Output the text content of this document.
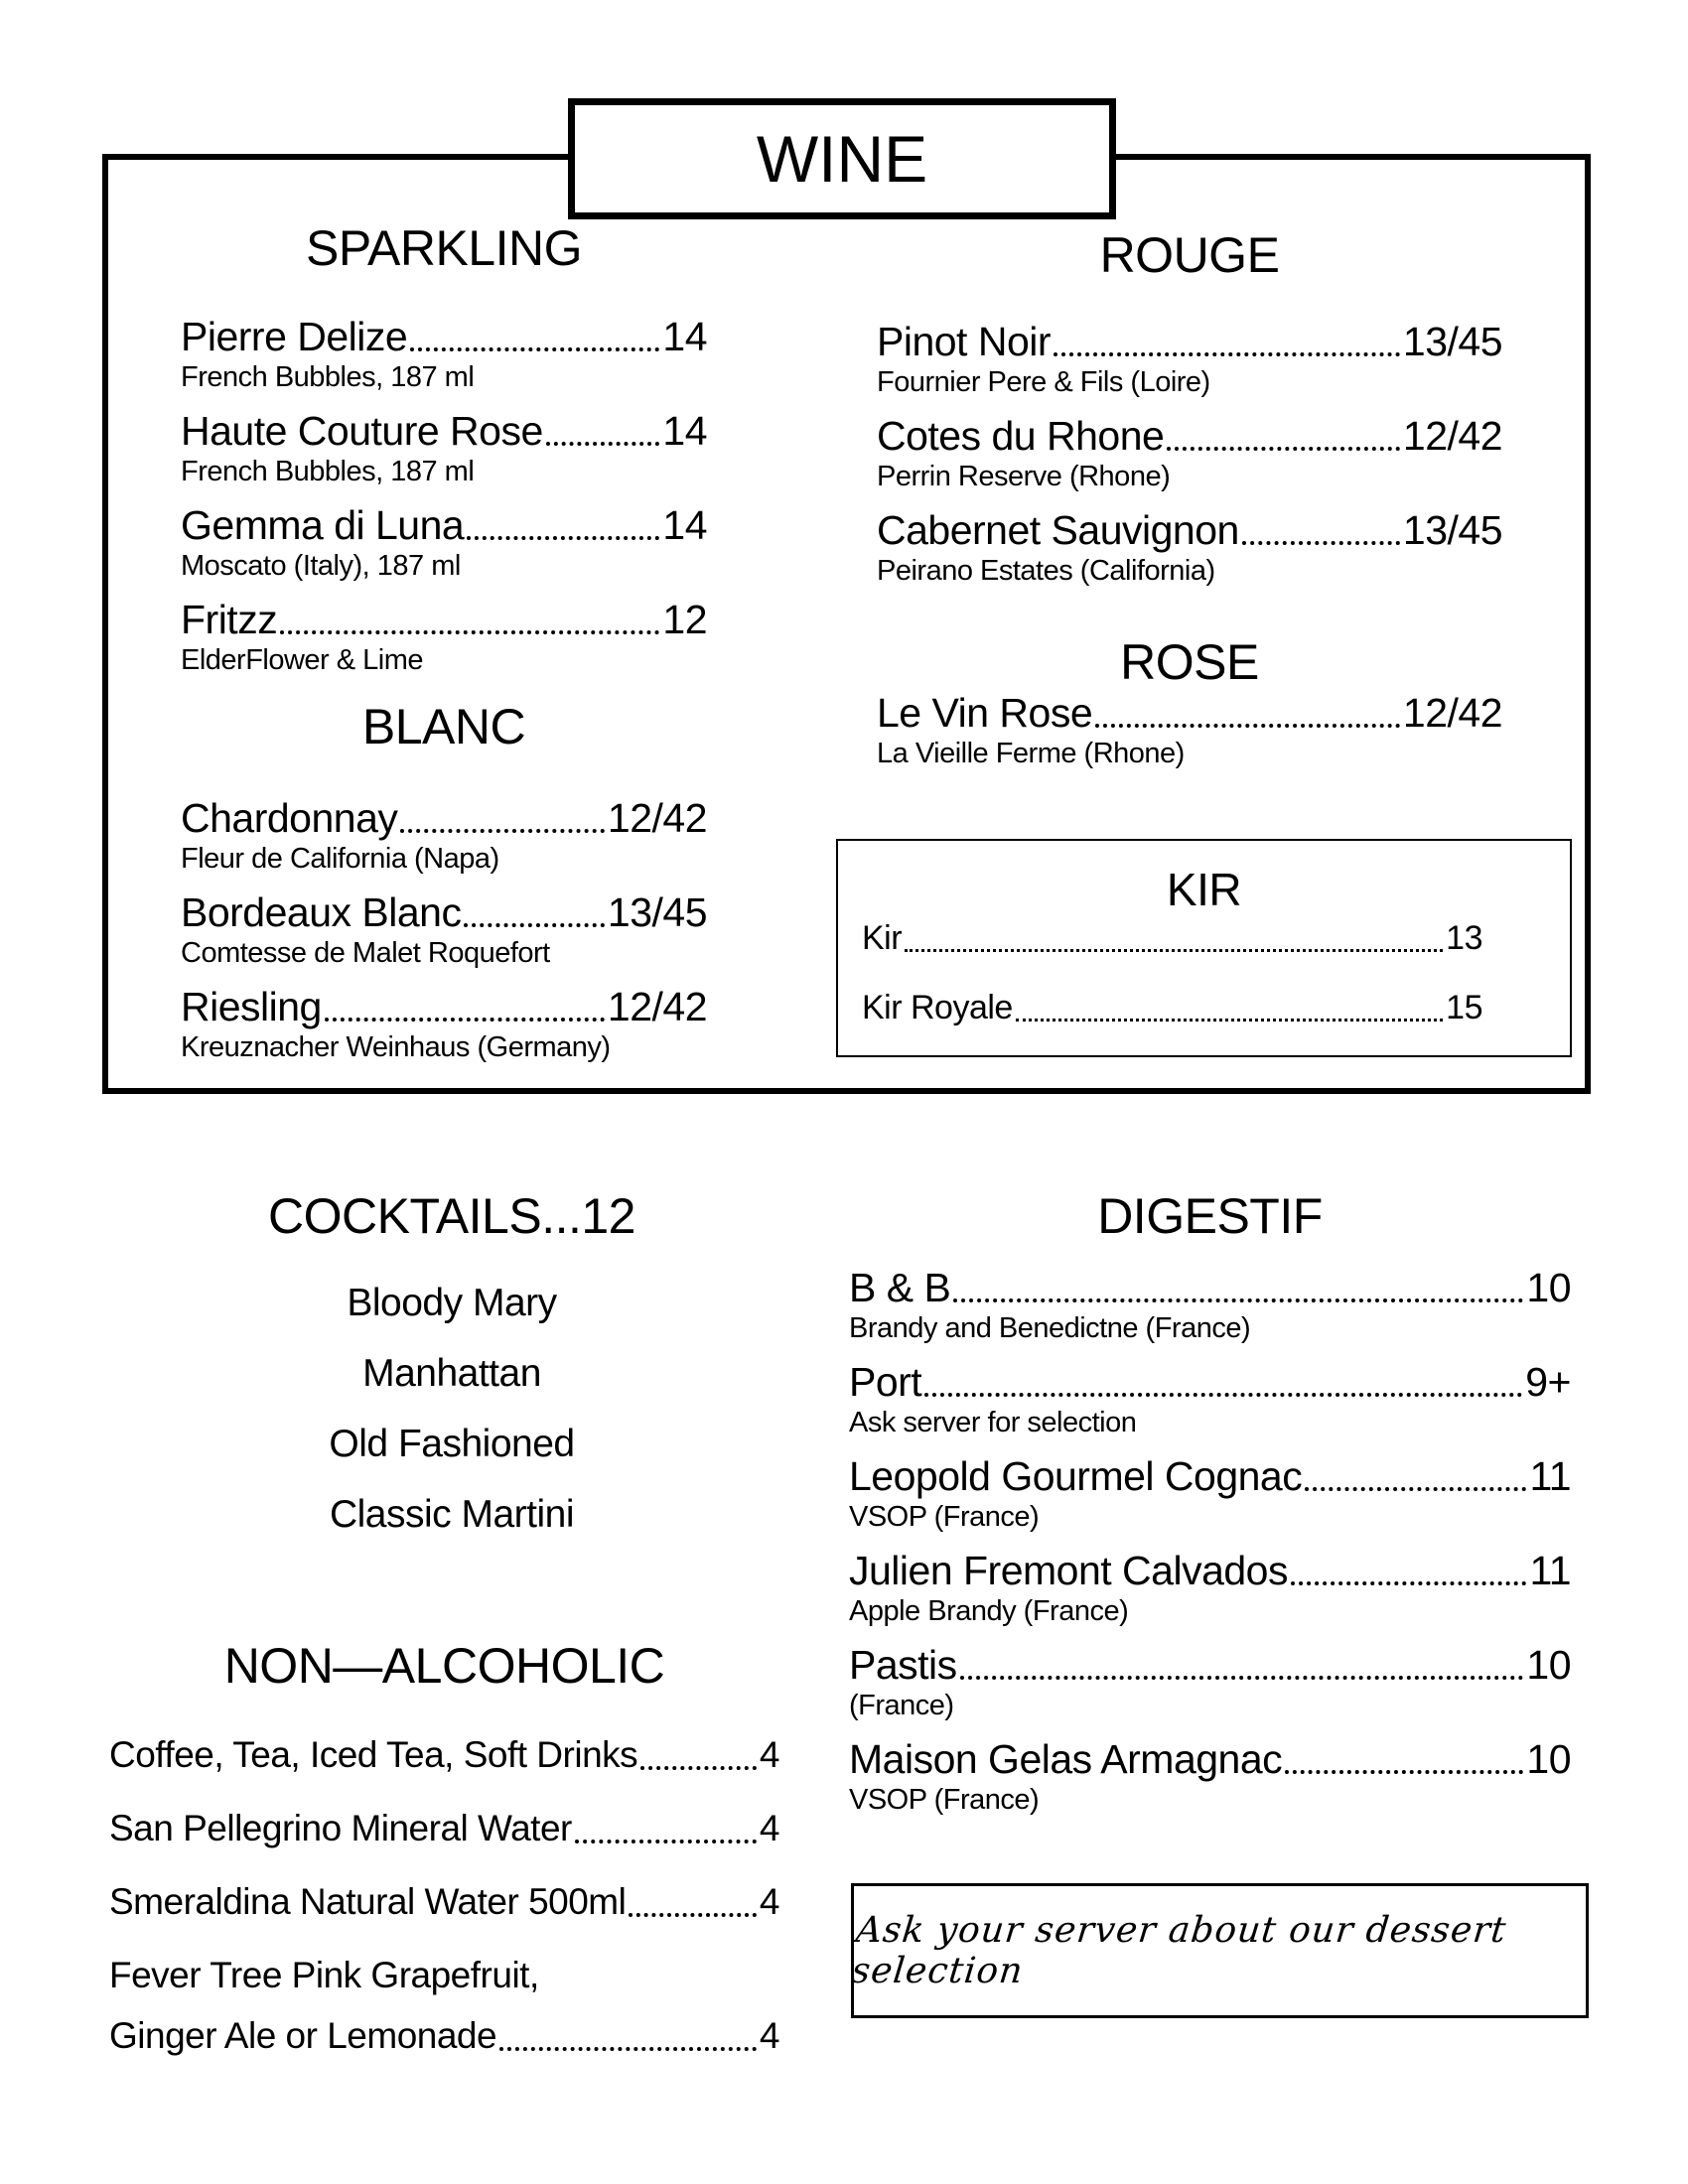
WINE
SPARKLING
Pierre Delize	14
French Bubbles, 187 ml
Haute Couture Rose	14
French Bubbles, 187 ml
Gemma di Luna	14
Moscato (Italy), 187 ml
Fritzz	12
ElderFlower & Lime
BLANC
Chardonnay	12/42
Fleur de California (Napa)
Bordeaux Blanc	13/45
Comtesse de Malet Roquefort
Riesling	12/42
Kreuznacher Weinhaus (Germany)
ROUGE
Pinot Noir	13/45
Fournier Pere & Fils (Loire)
Cotes du Rhone	12/42
Perrin Reserve (Rhone)
Cabernet Sauvignon	13/45
Peirano Estates (California)
ROSE
Le Vin Rose	12/42
La Vieille Ferme (Rhone)
KIR
Kir	13
Kir Royale	15
COCKTAILS...12
Bloody Mary
Manhattan
Old Fashioned
Classic Martini
NON—ALCOHOLIC
Coffee, Tea, Iced Tea, Soft Drinks	4
San Pellegrino Mineral Water	4
Smeraldina Natural Water 500ml	4
Fever Tree Pink Grapefruit,
Ginger Ale or Lemonade	4
DIGESTIF
B & B	10
Brandy and Benedictne (France)
Port	9+
Ask server for selection
Leopold Gourmel Cognac	11
VSOP (France)
Julien Fremont Calvados	11
Apple Brandy (France)
Pastis	10
(France)
Maison Gelas Armagnac	10
VSOP (France)
Ask your server about our dessert selection
